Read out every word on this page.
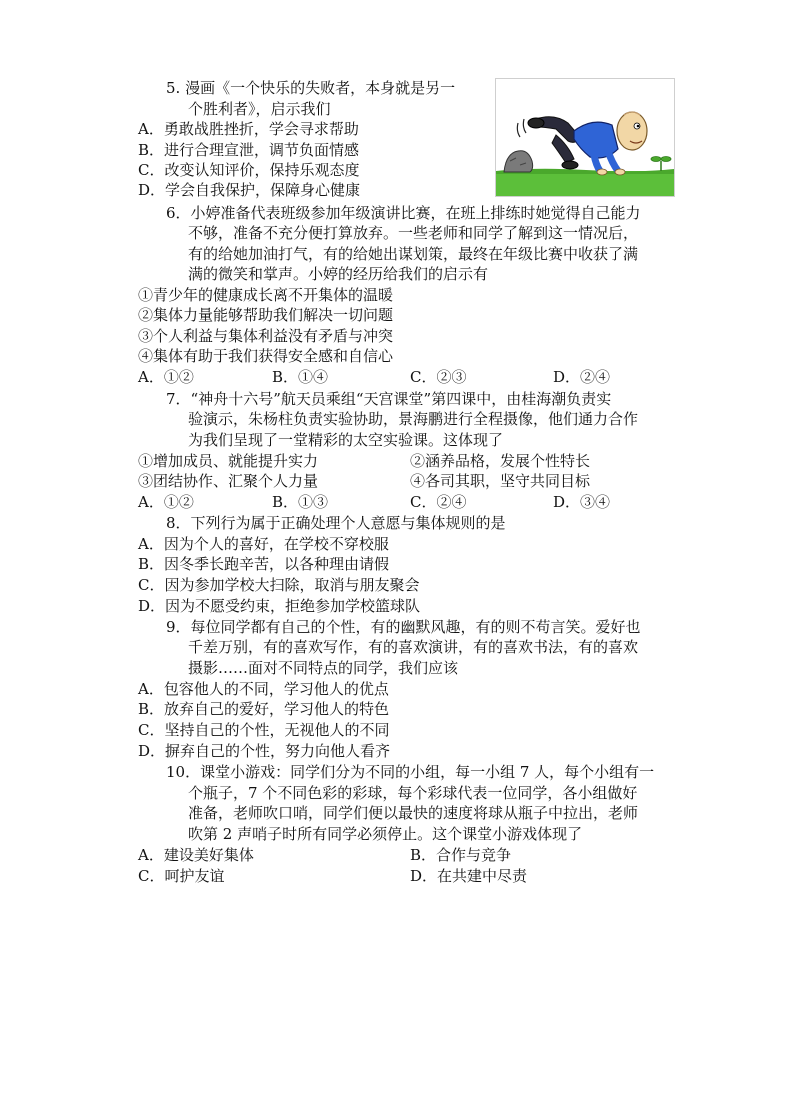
5. 漫画《一个快乐的失败者，本身就是另一
个胜利者》，启示我们
A．勇敢战胜挫折，学会寻求帮助
B．进行合理宣泄，调节负面情感
C．改变认知评价，保持乐观态度
D．学会自我保护，保障身心健康
6．小婷准备代表班级参加年级演讲比赛，在班上排练时她觉得自己能力
不够，准备不充分便打算放弃。一些老师和同学了解到这一情况后，
有的给她加油打气，有的给她出谋划策，最终在年级比赛中收获了满
满的微笑和掌声。小婷的经历给我们的启示有
①青少年的健康成长离不开集体的温暖
②集体力量能够帮助我们解决一切问题
③个人利益与集体利益没有矛盾与冲突
④集体有助于我们获得安全感和自信心
A．①②	B．①④	C．②③	D．②④
7．“神舟十六号”航天员乘组“天宫课堂”第四课中，由桂海潮负责实
验演示，朱杨柱负责实验协助，景海鹏进行全程摄像，他们通力合作
为我们呈现了一堂精彩的太空实验课。这体现了
①增加成员、就能提升实力	②涵养品格，发展个性特长
③团结协作、汇聚个人力量	④各司其职，坚守共同目标
A．①②	B．①③	C．②④	D．③④
8．下列行为属于正确处理个人意愿与集体规则的是
A．因为个人的喜好，在学校不穿校服
B．因冬季长跑辛苦，以各种理由请假
C．因为参加学校大扫除，取消与朋友聚会
D．因为不愿受约束，拒绝参加学校篮球队
9．每位同学都有自己的个性，有的幽默风趣，有的则不苟言笑。爱好也
千差万别，有的喜欢写作，有的喜欢演讲，有的喜欢书法，有的喜欢
摄影……面对不同特点的同学，我们应该
A．包容他人的不同，学习他人的优点
B．放弃自己的爱好，学习他人的特色
C．坚持自己的个性，无视他人的不同
D．摒弃自己的个性，努力向他人看齐
10．课堂小游戏：同学们分为不同的小组，每一小组 7 人，每个小组有一
个瓶子，7 个不同色彩的彩球，每个彩球代表一位同学，各小组做好
准备，老师吹口哨，同学们便以最快的速度将球从瓶子中拉出，老师
吹第 2 声哨子时所有同学必须停止。这个课堂小游戏体现了
A．建设美好集体	B．合作与竞争
C．呵护友谊	D．在共建中尽责
